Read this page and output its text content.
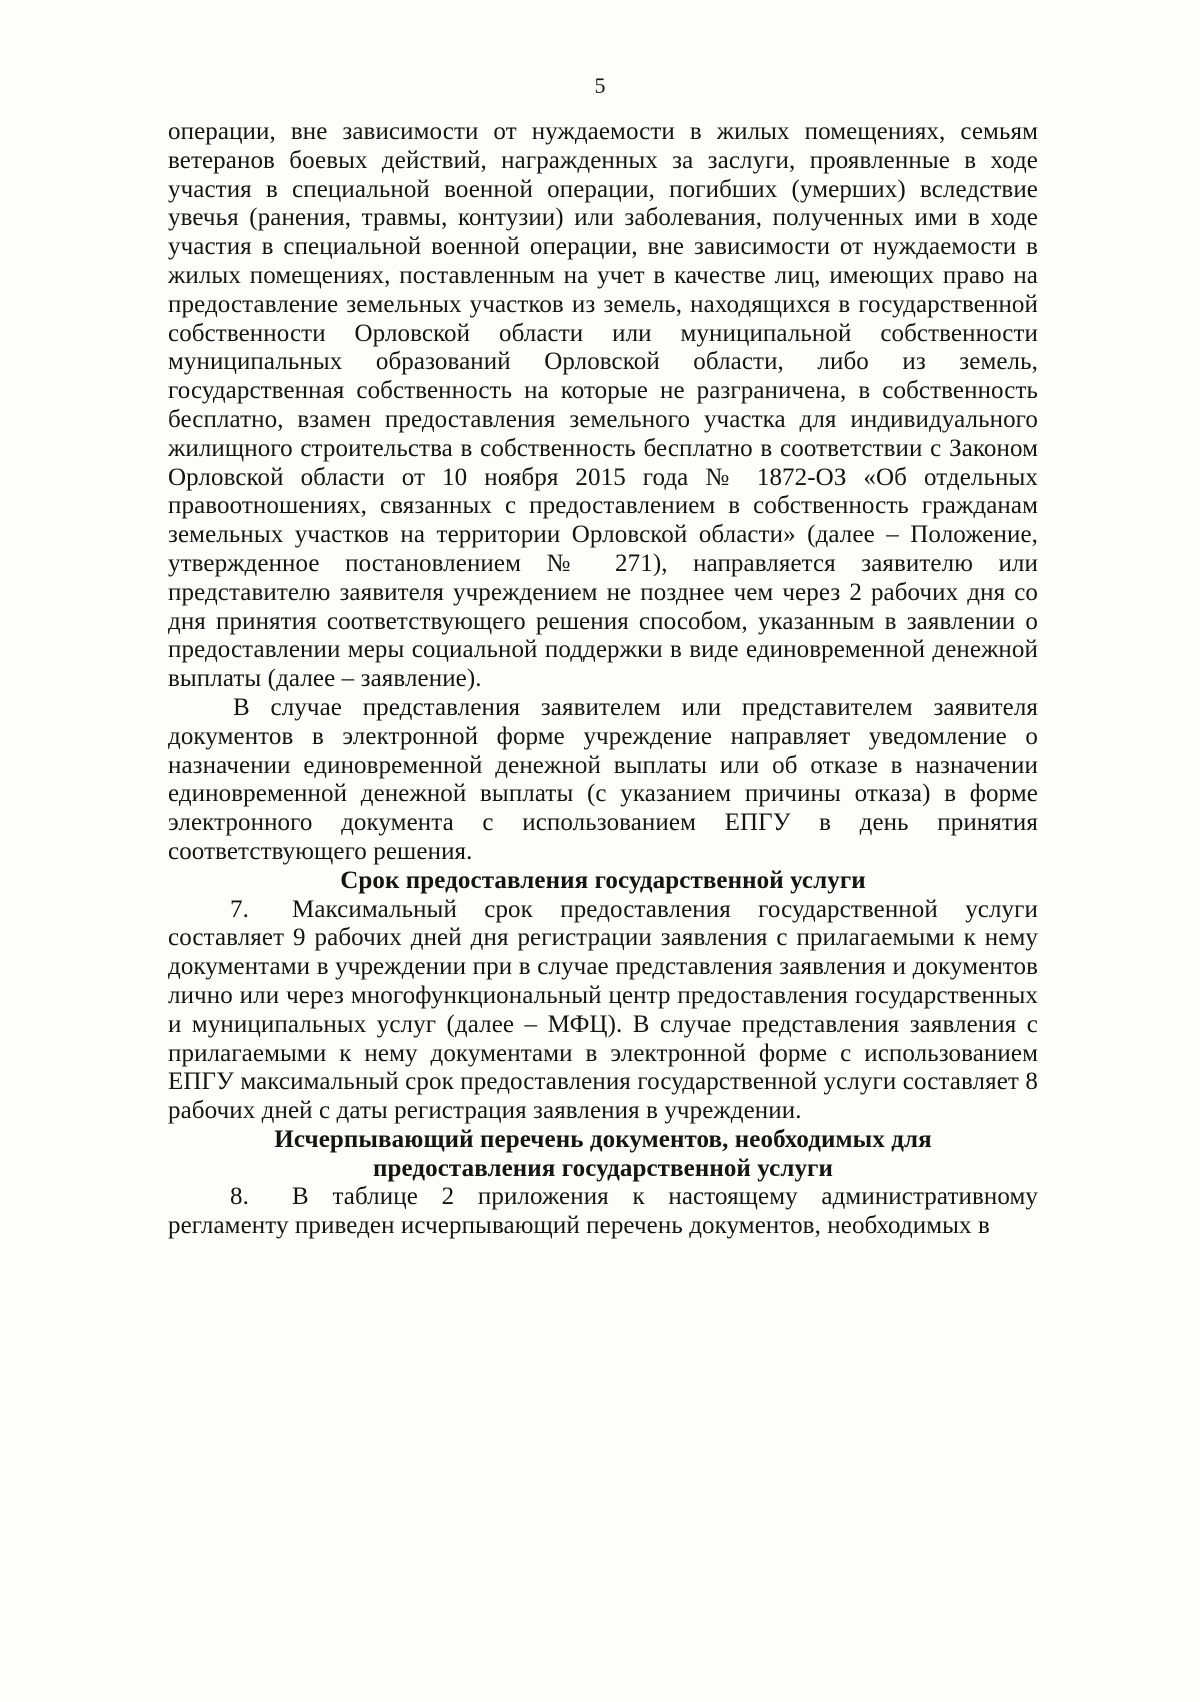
5

операции, вне зависимости от нуждаемости в жилых помещениях, семьям ветеранов боевых действий, награжденных за заслуги, проявленные в ходе участия в специальной военной операции, погибших (умерших) вследствие увечья (ранения, травмы, контузии) или заболевания, полученных ими в ходе участия в специальной военной операции, вне зависимости от нуждаемости в жилых помещениях, поставленным на учет в качестве лиц, имеющих право на предоставление земельных участков из земель, находящихся в государственной собственности Орловской области или муниципальной собственности муниципальных образований Орловской области, либо из земель, государственная собственность на которые не разграничена, в собственность бесплатно, взамен предоставления земельного участка для индивидуального жилищного строительства в собственность бесплатно в соответствии с Законом Орловской области от 10 ноября 2015 года № 1872-ОЗ «Об отдельных правоотношениях, связанных с предоставлением в собственность гражданам земельных участков на территории Орловской области» (далее – Положение, утвержденное постановлением № 271), направляется заявителю или представителю заявителя учреждением не позднее чем через 2 рабочих дня со дня принятия соответствующего решения способом, указанным в заявлении о предоставлении меры социальной поддержки в виде единовременной денежной выплаты (далее – заявление).

В случае представления заявителем или представителем заявителя документов в электронной форме учреждение направляет уведомление о назначении единовременной денежной выплаты или об отказе в назначении единовременной денежной выплаты (с указанием причины отказа) в форме электронного документа с использованием ЕПГУ в день принятия соответствующего решения.

Срок предоставления государственной услуги

7. Максимальный срок предоставления государственной услуги составляет 9 рабочих дней дня регистрации заявления с прилагаемыми к нему документами в учреждении при в случае представления заявления и документов лично или через многофункциональный центр предоставления государственных и муниципальных услуг (далее – МФЦ). В случае представления заявления с прилагаемыми к нему документами в электронной форме с использованием ЕПГУ максимальный срок предоставления государственной услуги составляет 8 рабочих дней с даты регистрация заявления в учреждении.

Исчерпывающий перечень документов, необходимых для
предоставления государственной услуги

8. В таблице 2 приложения к настоящему административному регламенту приведен исчерпывающий перечень документов, необходимых в
